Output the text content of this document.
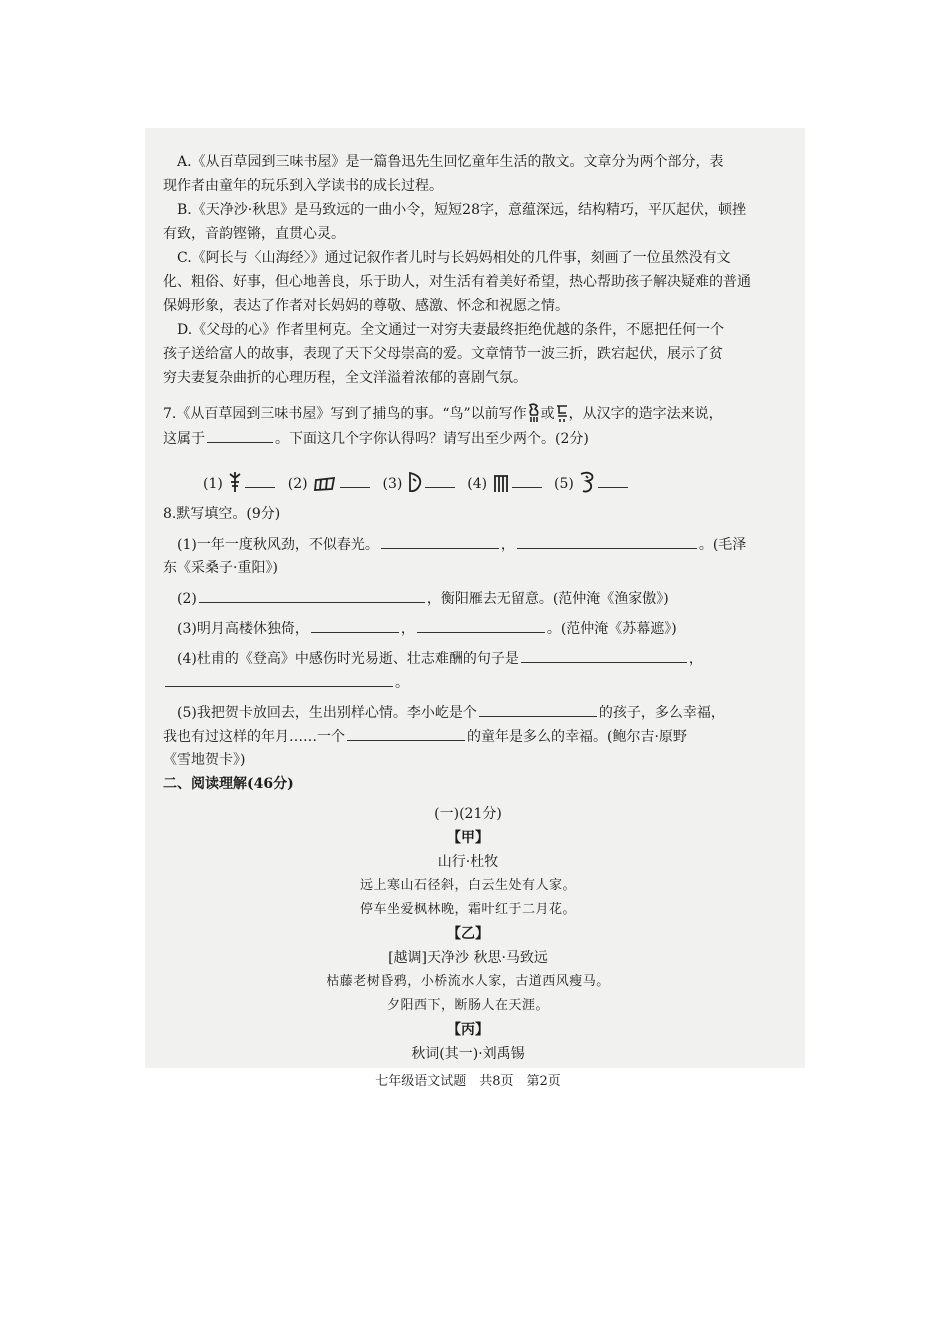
A.《从百草园到三味书屋》是一篇鲁迅先生回忆童年生活的散文。文章分为两个部分，表
现作者由童年的玩乐到入学读书的成长过程。
B.《天净沙·秋思》是马致远的一曲小令，短短28字，意蕴深远，结构精巧，平仄起伏，顿挫
有致，音韵铿锵，直贯心灵。
C.《阿长与〈山海经〉》通过记叙作者儿时与长妈妈相处的几件事，刻画了一位虽然没有文
化、粗俗、好事，但心地善良，乐于助人，对生活有着美好希望，热心帮助孩子解决疑难的普通
保姆形象，表达了作者对长妈妈的尊敬、感激、怀念和祝愿之情。
D.《父母的心》作者里柯克。全文通过一对穷夫妻最终拒绝优越的条件，不愿把任何一个
孩子送给富人的故事，表现了天下父母崇高的爱。文章情节一波三折，跌宕起伏，展示了贫
穷夫妻复杂曲折的心理历程，全文洋溢着浓郁的喜剧气氛。
7.《从百草园到三味书屋》写到了捕鸟的事。“鸟”以前写作 或 ，从汉字的造字法来说，
这属于	。下面这几个字你认得吗？请写出至少两个。(2分)
(1)	(2)	(3)	(4)	(5)
8.默写填空。(9分)
(1)一年一度秋风劲，不似春光。	，	。(毛泽
东《采桑子·重阳》)
(2)	，衡阳雁去无留意。(范仲淹《渔家傲》)
(3)明月高楼休独倚，	，	。(范仲淹《苏幕遮》)
(4)杜甫的《登高》中感伤时光易逝、壮志难酬的句子是	，
。
(5)我把贺卡放回去，生出别样心情。李小屹是个	的孩子，多么幸福，
我也有过这样的年月……一个	的童年是多么的幸福。(鲍尔吉·原野
《雪地贺卡》)
二、阅读理解(46分)
(一)(21分)
【甲】
山行·杜牧
远上寒山石径斜，白云生处有人家。
停车坐爱枫林晚，霜叶红于二月花。
【乙】
[越调]天净沙 秋思·马致远
枯藤老树昏鸦，小桥流水人家，古道西风瘦马。
夕阳西下，断肠人在天涯。
【丙】
秋词(其一)·刘禹锡
七年级语文试题　共8页　第2页
